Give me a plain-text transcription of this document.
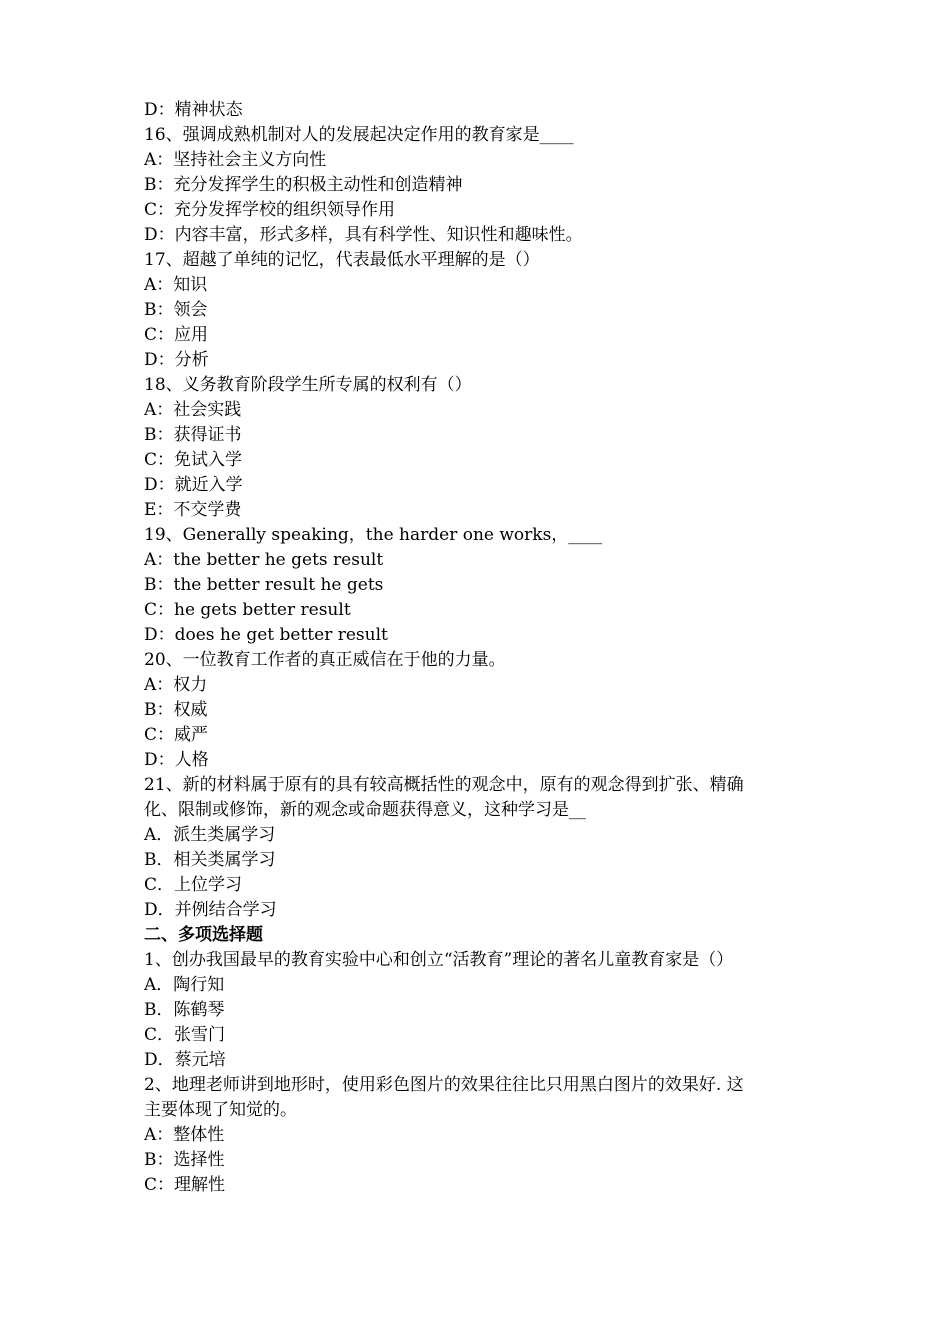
D：精神状态
16、强调成熟机制对人的发展起决定作用的教育家是____
A：坚持社会主义方向性
B：充分发挥学生的积极主动性和创造精神
C：充分发挥学校的组织领导作用
D：内容丰富，形式多样，具有科学性、知识性和趣味性。
17、超越了单纯的记忆，代表最低水平理解的是（）
A：知识
B：领会
C：应用
D：分析
18、义务教育阶段学生所专属的权利有（）
A：社会实践
B：获得证书
C：免试入学
D：就近入学
E：不交学费
19、Generally speaking，the harder one works，____
A：the better he gets result
B：the better result he gets
C：he gets better result
D：does he get better result
20、一位教育工作者的真正威信在于他的力量。
A：权力
B：权威
C：威严
D：人格
21、新的材料属于原有的具有较高概括性的观念中，原有的观念得到扩张、精确
化、限制或修饰，新的观念或命题获得意义，这种学习是__
A．派生类属学习
B．相关类属学习
C．上位学习
D．并例结合学习
二、多项选择题
1、创办我国最早的教育实验中心和创立“活教育”理论的著名儿童教育家是（）
A．陶行知
B．陈鹤琴
C．张雪门
D．蔡元培
2、地理老师讲到地形时，使用彩色图片的效果往往比只用黑白图片的效果好. 这
主要体现了知觉的。
A：整体性
B：选择性
C：理解性
